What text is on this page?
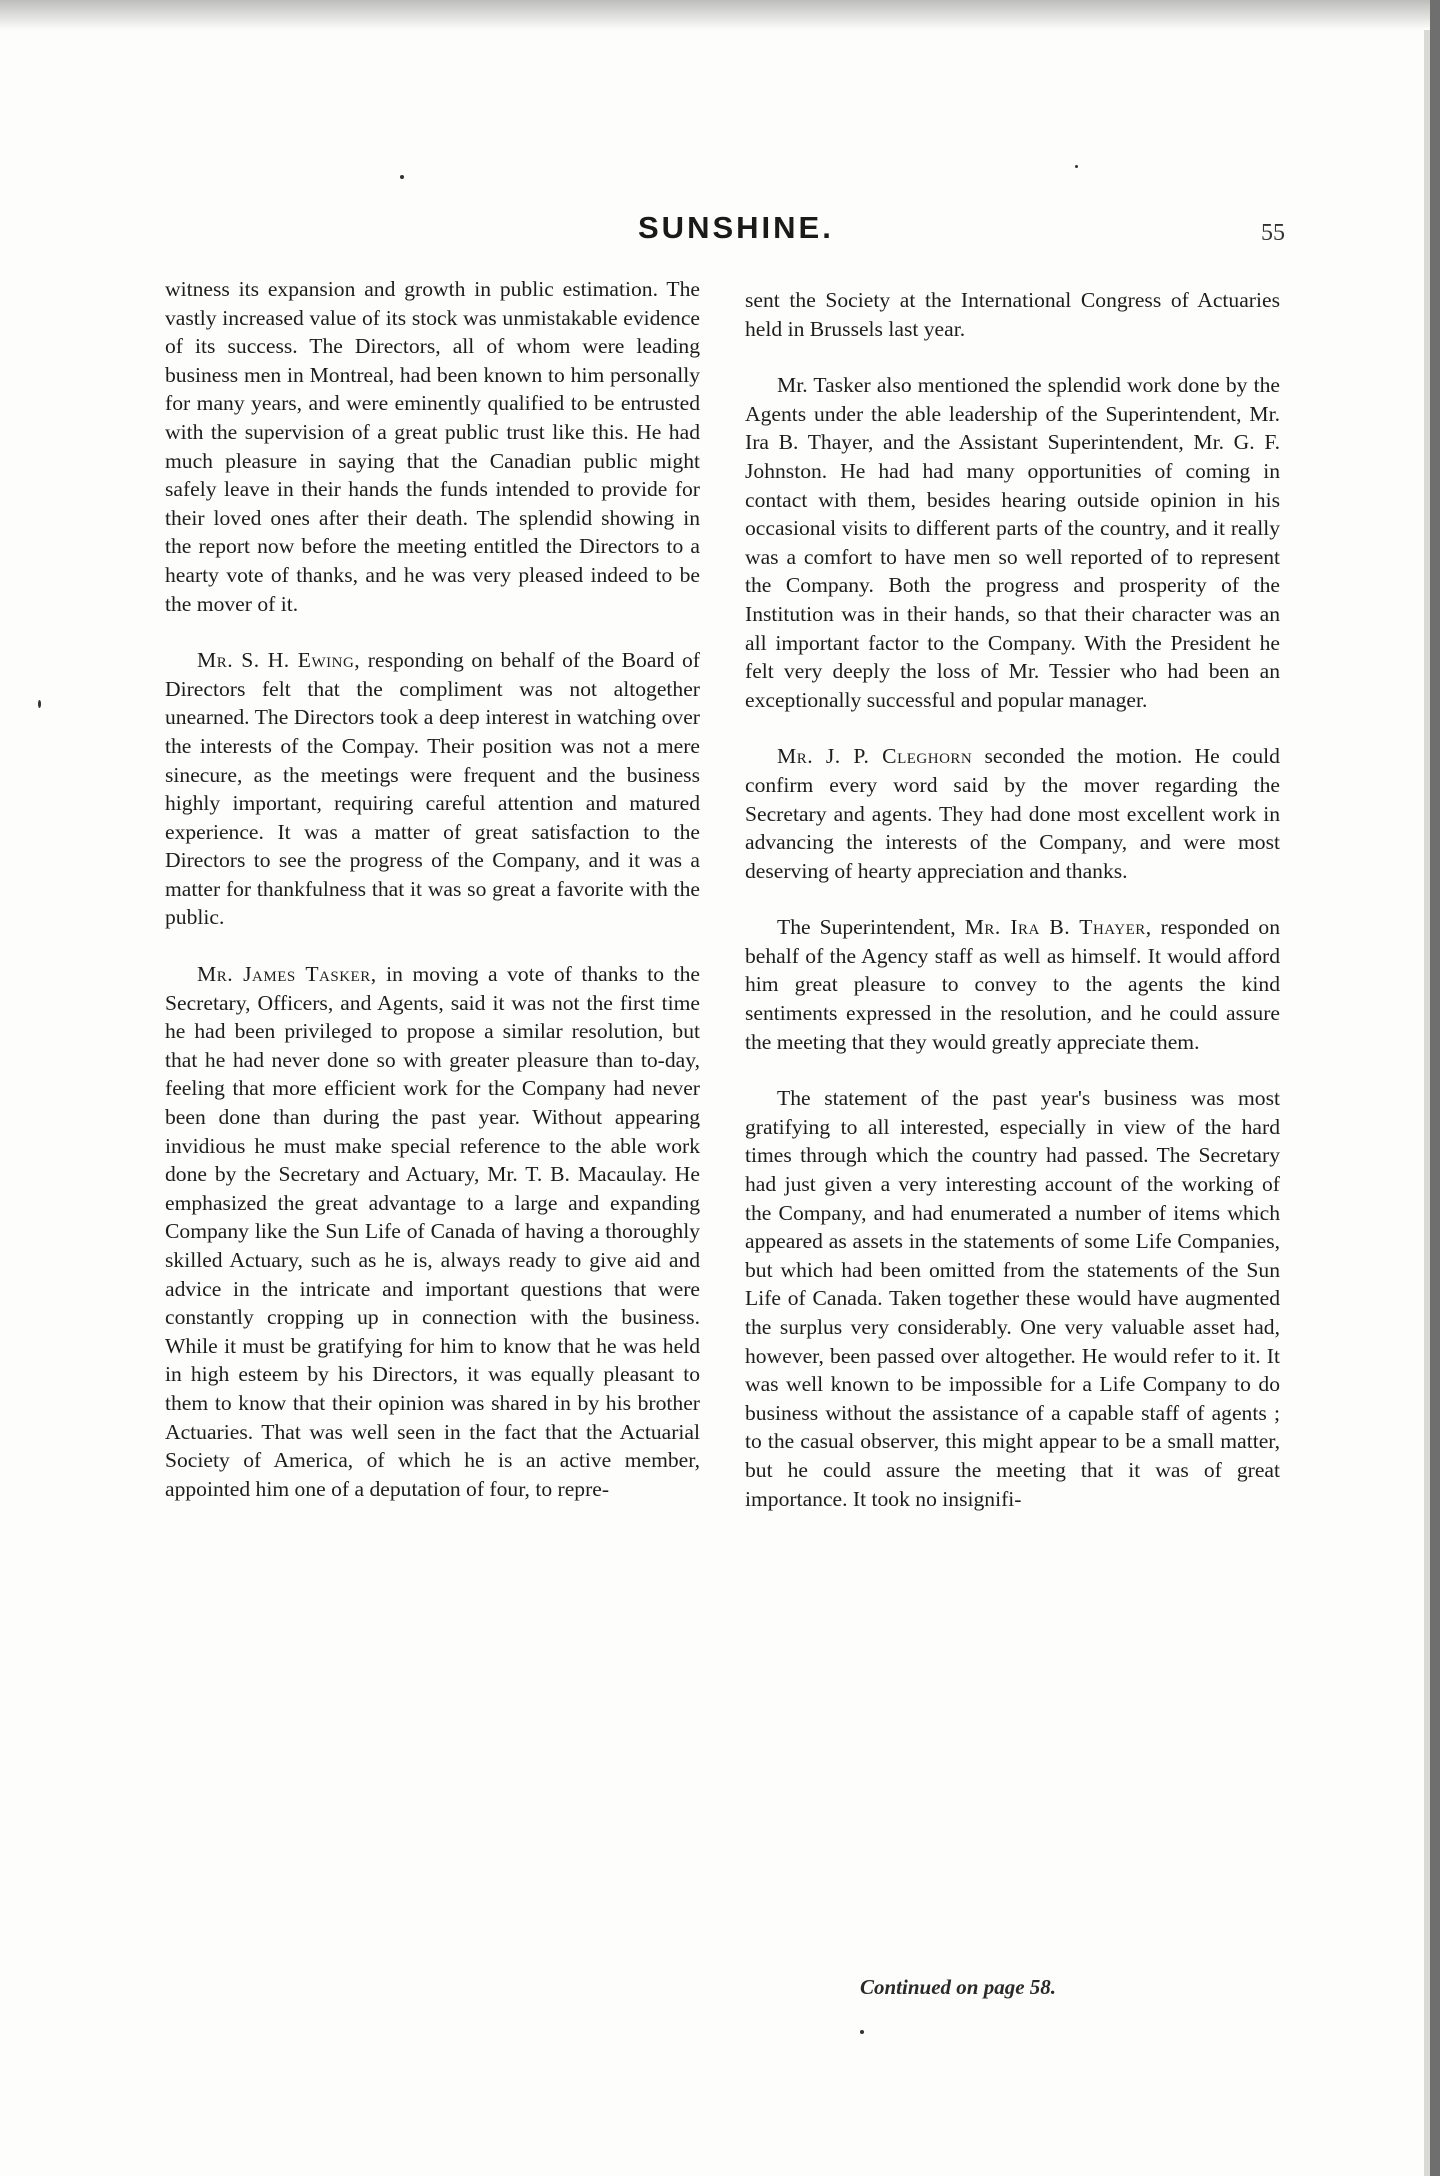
SUNSHINE.	55

witness its expansion and growth in public estimation. The vastly increased value of its stock was unmistakable evidence of its success. The Directors, all of whom were leading business men in Montreal, had been known to him personally for many years, and were eminently qualified to be entrusted with the supervision of a great public trust like this. He had much pleasure in saying that the Canadian public might safely leave in their hands the funds intended to provide for their loved ones after their death. The splendid showing in the report now before the meeting entitled the Directors to a hearty vote of thanks, and he was very pleased indeed to be the mover of it.

Mr. S. H. Ewing, responding on behalf of the Board of Directors felt that the compliment was not altogether unearned. The Directors took a deep interest in watching over the interests of the Compay. Their position was not a mere sinecure, as the meetings were frequent and the business highly important, requiring careful attention and matured experience. It was a matter of great satisfaction to the Directors to see the progress of the Company, and it was a matter for thankfulness that it was so great a favorite with the public.

Mr. James Tasker, in moving a vote of thanks to the Secretary, Officers, and Agents, said it was not the first time he had been privileged to propose a similar resolution, but that he had never done so with greater pleasure than to-day, feeling that more efficient work for the Company had never been done than during the past year. Without appearing invidious he must make special reference to the able work done by the Secretary and Actuary, Mr. T. B. Macaulay. He emphasized the great advantage to a large and expanding Company like the Sun Life of Canada of having a thoroughly skilled Actuary, such as he is, always ready to give aid and advice in the intricate and important questions that were constantly cropping up in connection with the business. While it must be gratifying for him to know that he was held in high esteem by his Directors, it was equally pleasant to them to know that their opinion was shared in by his brother Actuaries. That was well seen in the fact that the Actuarial Society of America, of which he is an active member, appointed him one of a deputation of four, to repre-

sent the Society at the International Congress of Actuaries held in Brussels last year.

Mr. Tasker also mentioned the splendid work done by the Agents under the able leadership of the Superintendent, Mr. Ira B. Thayer, and the Assistant Superintendent, Mr. G. F. Johnston. He had had many opportunities of coming in contact with them, besides hearing outside opinion in his occasional visits to different parts of the country, and it really was a comfort to have men so well reported of to represent the Company. Both the progress and prosperity of the Institution was in their hands, so that their character was an all important factor to the Company. With the President he felt very deeply the loss of Mr. Tessier who had been an exceptionally successful and popular manager.

Mr. J. P. Cleghorn seconded the motion. He could confirm every word said by the mover regarding the Secretary and agents. They had done most excellent work in advancing the interests of the Company, and were most deserving of hearty appreciation and thanks.

The Superintendent, Mr. Ira B. Thayer, responded on behalf of the Agency staff as well as himself. It would afford him great pleasure to convey to the agents the kind sentiments expressed in the resolution, and he could assure the meeting that they would greatly appreciate them.

The statement of the past year's business was most gratifying to all interested, especially in view of the hard times through which the country had passed. The Secretary had just given a very interesting account of the working of the Company, and had enumerated a number of items which appeared as assets in the statements of some Life Companies, but which had been omitted from the statements of the Sun Life of Canada. Taken together these would have augmented the surplus very considerably. One very valuable asset had, however, been passed over altogether. He would refer to it. It was well known to be impossible for a Life Company to do business without the assistance of a capable staff of agents ; to the casual observer, this might appear to be a small matter, but he could assure the meeting that it was of great importance. It took no insignifi-

Continued on page 58.
